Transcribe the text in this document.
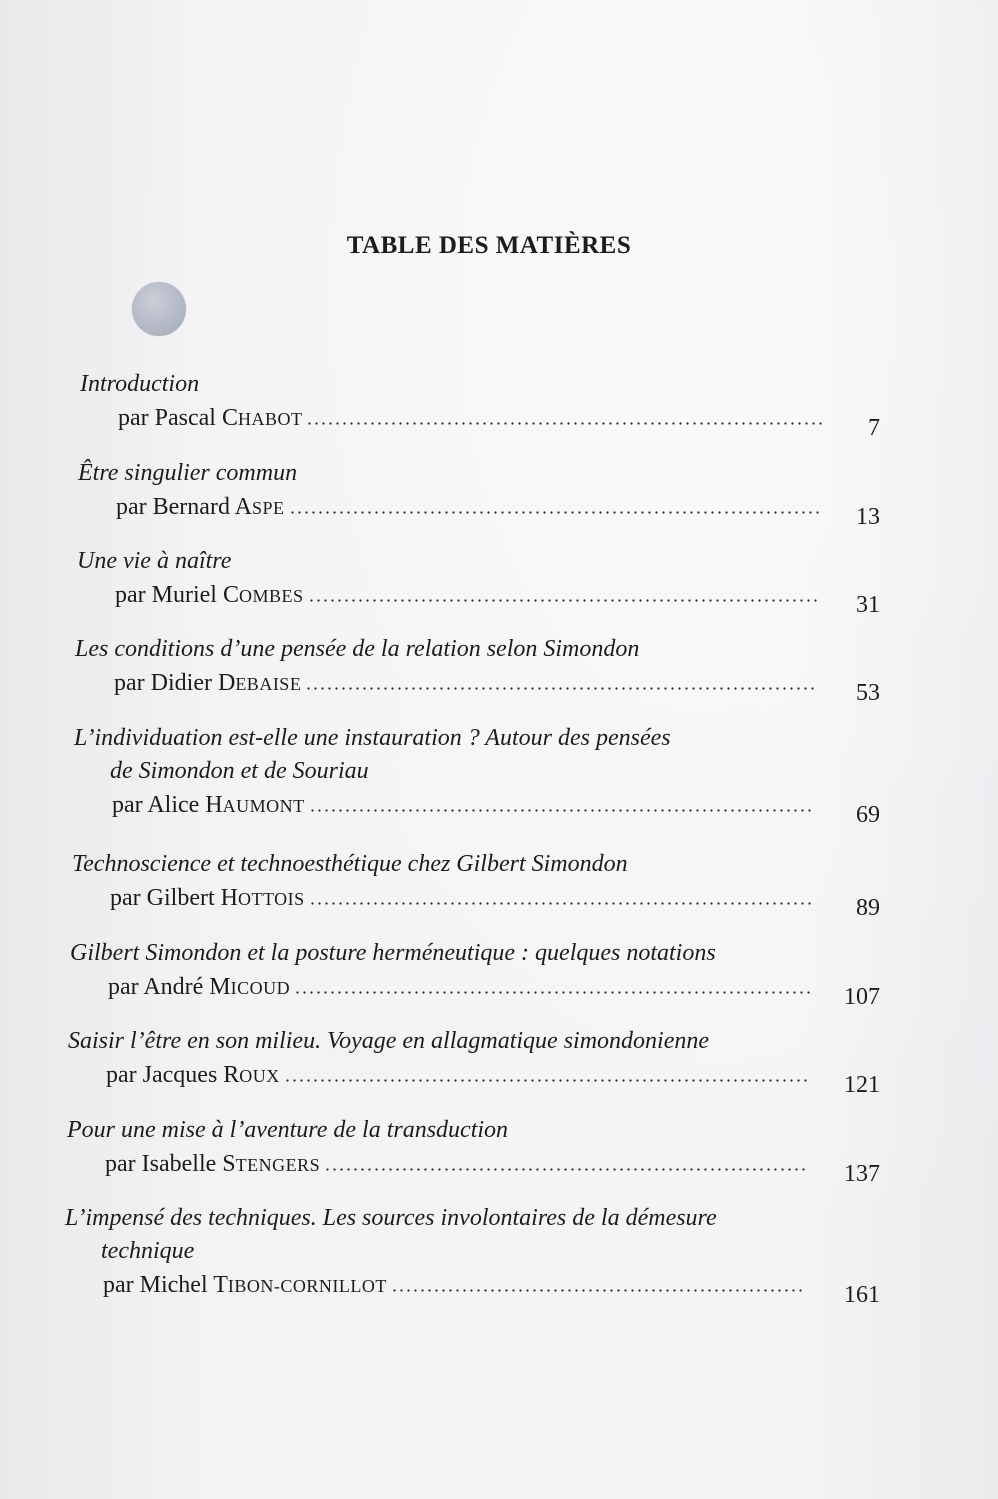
TABLE DES MATIÈRES
Introduction
par Pascal CHABOT	7
Être singulier commun
par Bernard ASPE	13
Une vie à naître
par Muriel COMBES	31
Les conditions d’une pensée de la relation selon Simondon
par Didier DEBAISE	53
L’individuation est-elle une instauration ? Autour des pensées
de Simondon et de Souriau
par Alice HAUMONT	69
Technoscience et technoesthétique chez Gilbert Simondon
par Gilbert HOTTOIS	89
Gilbert Simondon et la posture herméneutique : quelques notations
par André MICOUD	107
Saisir l’être en son milieu. Voyage en allagmatique simondonienne
par Jacques ROUX	121
Pour une mise à l’aventure de la transduction
par Isabelle STENGERS	137
L’impensé des techniques. Les sources involontaires de la démesure
technique
par Michel TIBON-CORNILLOT	161
